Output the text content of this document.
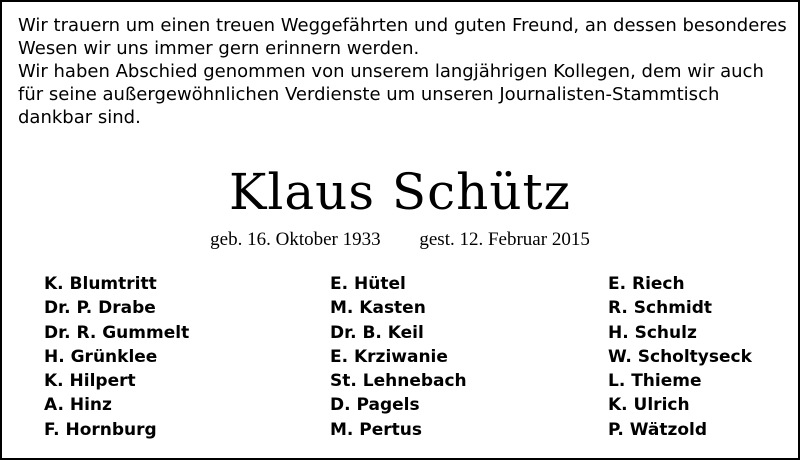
Wir trauern um einen treuen Weggefährten und guten Freund, an dessen besonderes Wesen wir uns immer gern erinnern werden.

Wir haben Abschied genommen von unserem langjährigen Kollegen, dem wir auch für seine außergewöhnlichen Verdienste um unseren Journalisten-Stammtisch dankbar sind.

Klaus Schütz
geb. 16. Oktober 1933 gest. 12. Februar 2015
K. Blumtritt
Dr. P. Drabe
Dr. R. Gummelt
H. Grünklee
K. Hilpert
A. Hinz
F. Hornburg
E. Hütel
M. Kasten
Dr. B. Keil
E. Krziwanie
St. Lehnebach
D. Pagels
M. Pertus
E. Riech
R. Schmidt
H. Schulz
W. Scholtyseck
L. Thieme
K. Ulrich
P. Wätzold
